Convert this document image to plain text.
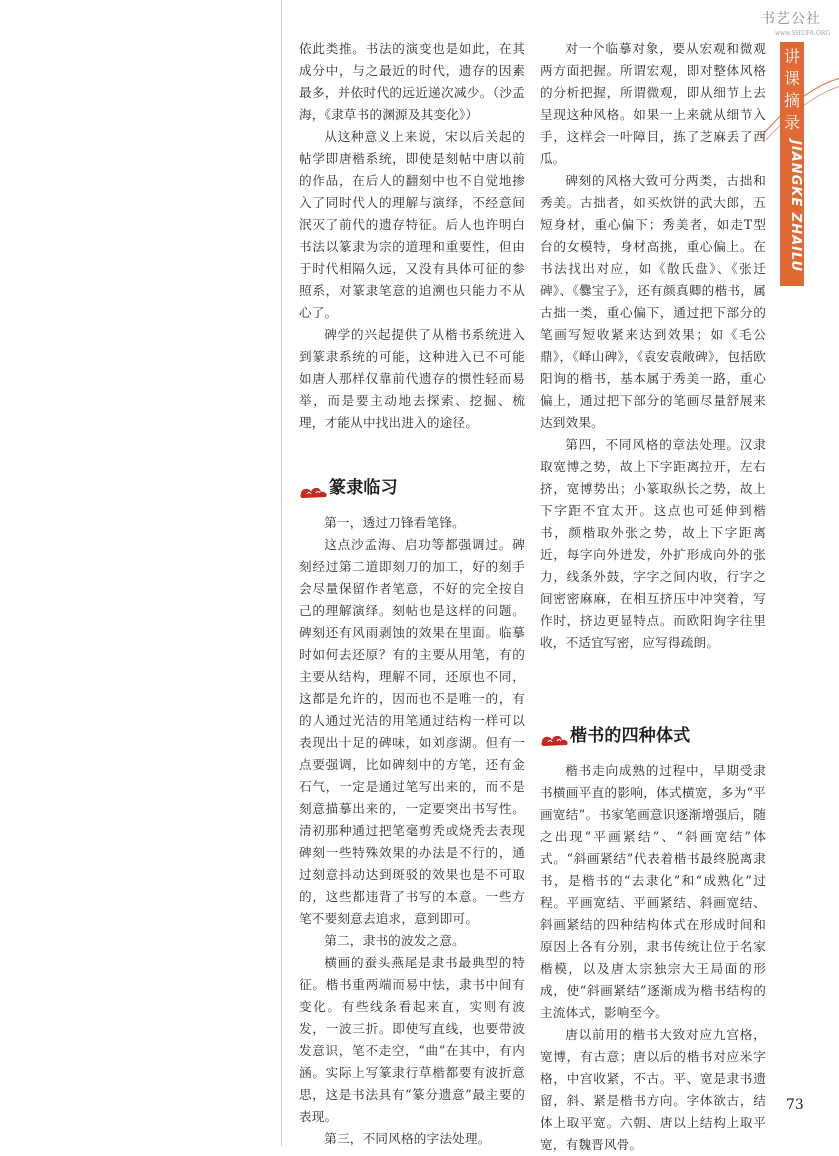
书艺公社
www.SHUFA.ORG
讲
课
摘
录
JIANGKE ZHAILU

依此类推。书法的演变也是如此，在其成分中，与之最近的时代，遗存的因素最多，并依时代的远近递次减少。（沙孟海，《隶草书的渊源及其变化》）

从这种意义上来说，宋以后关起的帖学即唐楷系统，即使是刻帖中唐以前的作品，在后人的翻刻中也不自觉地掺入了同时代人的理解与演绎，不经意间泯灭了前代的遗存特征。后人也许明白书法以篆隶为宗的道理和重要性，但由于时代相隔久远，又没有具体可征的参照系，对篆隶笔意的追溯也只能力不从心了。

碑学的兴起提供了从楷书系统进入到篆隶系统的可能，这种进入已不可能如唐人那样仅靠前代遗存的惯性轻而易举，而是要主动地去探索、挖掘、梳理，才能从中找出进入的途径。

篆隶临习

第一，透过刀锋看笔锋。

这点沙孟海、启功等都强调过。碑刻经过第二道即刻刀的加工，好的刻手会尽量保留作者笔意，不好的完全按自己的理解演绎。刻帖也是这样的问题。碑刻还有风雨剥蚀的效果在里面。临摹时如何去还原？有的主要从用笔，有的主要从结构，理解不同，还原也不同，这都是允许的，因而也不是唯一的，有的人通过光洁的用笔通过结构一样可以表现出十足的碑味，如刘彦湖。但有一点要强调，比如碑刻中的方笔，还有金石气，一定是通过笔写出来的，而不是刻意描摹出来的，一定要突出书写性。清初那种通过把笔毫剪秃或烧秃去表现碑刻一些特殊效果的办法是不行的，通过刻意抖动达到斑驳的效果也是不可取的，这些都违背了书写的本意。一些方笔不要刻意去追求，意到即可。

第二，隶书的波发之意。

横画的蚕头燕尾是隶书最典型的特征。楷书重两端而易中怯，隶书中间有变化。有些线条看起来直，实则有波发，一波三折。即使写直线，也要带波发意识，笔不走空，“曲”在其中，有内涵。实际上写篆隶行草楷都要有波折意思，这是书法具有“篆分遗意”最主要的表现。

第三，不同风格的字法处理。

对一个临摹对象，要从宏观和微观两方面把握。所谓宏观，即对整体风格的分析把握，所谓微观，即从细节上去呈现这种风格。如果一上来就从细节入手，这样会一叶障目，拣了芝麻丢了西瓜。

碑刻的风格大致可分两类，古拙和秀美。古拙者，如买炊饼的武大郎，五短身材，重心偏下；秀美者，如走T型台的女模特，身材高挑，重心偏上。在书法找出对应，如《散氏盘》、《张迁碑》、《爨宝子》，还有颜真卿的楷书，属古拙一类，重心偏下，通过把下部分的笔画写短收紧来达到效果；如《毛公鼎》，《峄山碑》，《袁安袁敞碑》，包括欧阳询的楷书，基本属于秀美一路，重心偏上，通过把下部分的笔画尽量舒展来达到效果。

第四，不同风格的章法处理。汉隶取宽博之势，故上下字距离拉开，左右挤，宽博势出；小篆取纵长之势，故上下字距不宜太开。这点也可延伸到楷书，颜楷取外张之势，故上下字距离近，每字向外迸发，外扩形成向外的张力，线条外鼓，字字之间内收，行字之间密密麻麻，在相互挤压中冲突着，写作时，挤边更显特点。而欧阳询字往里收，不适宜写密，应写得疏朗。

楷书的四种体式

楷书走向成熟的过程中，早期受隶书横画平直的影响，体式横宽，多为“平画宽结”。书家笔画意识逐渐增强后，随之出现“平画紧结”、“斜画宽结”体式。“斜画紧结”代表着楷书最终脱离隶书，是楷书的“去隶化”和“成熟化”过程。平画宽结、平画紧结、斜画宽结、斜画紧结的四种结构体式在形成时间和原因上各有分别，隶书传统让位于名家楷模，以及唐太宗独宗大王局面的形成，使“斜画紧结”逐渐成为楷书结构的主流体式，影响至今。

唐以前用的楷书大致对应九宫格，宽博，有古意；唐以后的楷书对应米字格，中宫收紧，不古。平、宽是隶书遗留，斜、紧是楷书方向。字体欲古，结体上取平宽。六朝、唐以上结构上取平宽，有魏晋风骨。

73
